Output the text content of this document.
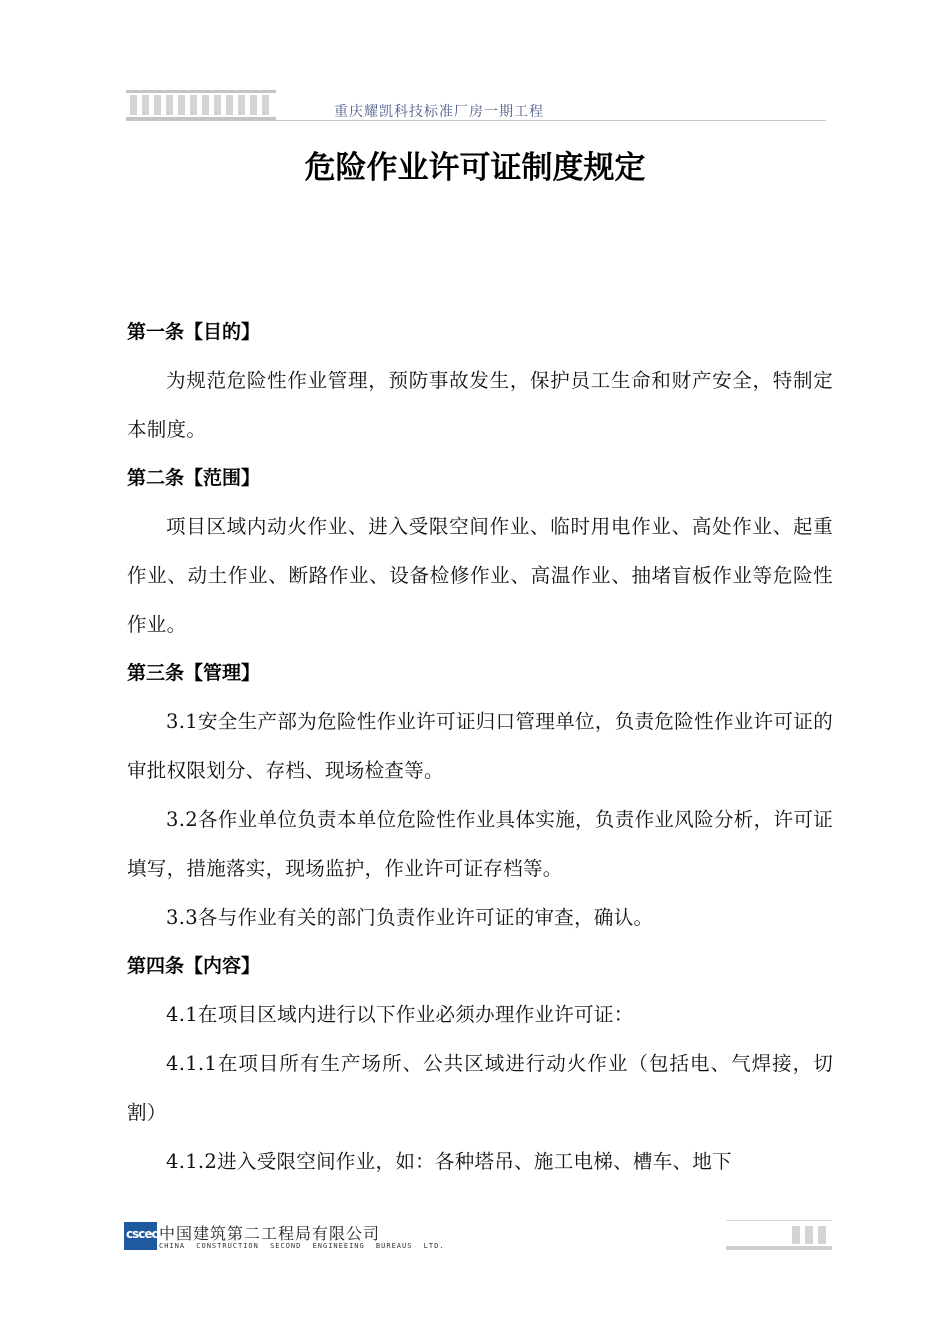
重庆耀凯科技标准厂房一期工程
危险作业许可证制度规定
第一条【目的】

为规范危险性作业管理，预防事故发生，保护员工生命和财产安全，特制定本制度。

第二条【范围】

项目区域内动火作业、进入受限空间作业、临时用电作业、高处作业、起重作业、动土作业、断路作业、设备检修作业、高温作业、抽堵盲板作业等危险性作业。

第三条【管理】

3.1安全生产部为危险性作业许可证归口管理单位，负责危险性作业许可证的审批权限划分、存档、现场检查等。

3.2各作业单位负责本单位危险性作业具体实施，负责作业风险分析，许可证填写，措施落实，现场监护，作业许可证存档等。

3.3各与作业有关的部门负责作业许可证的审查，确认。

第四条【内容】

4.1在项目区域内进行以下作业必须办理作业许可证：

4.1.1在项目所有生产场所、公共区域进行动火作业（包括电、气焊接，切割）

4.1.2进入受限空间作业，如：各种塔吊、施工电梯、槽车、地下

cscec 中国建筑第二工程局有限公司
CHINA CONSTRUCTION SECOND ENGINEEING BUREAUS LTD.
